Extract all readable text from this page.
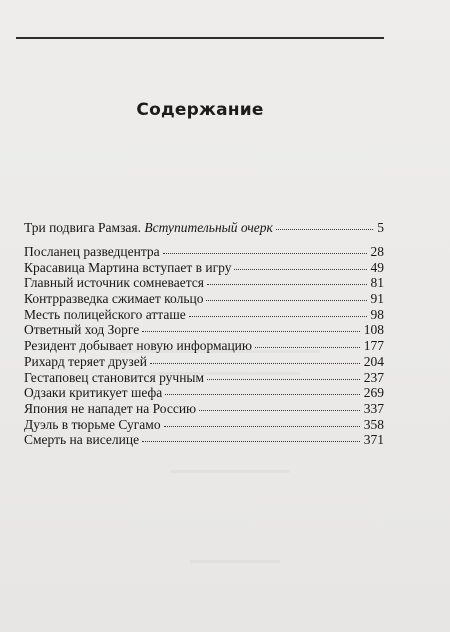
Содержание
Три подвига Рамзая. Вступительный очерк	5
Посланец разведцентра	28
Красавица Мартина вступает в игру	49
Главный источник сомневается	81
Контрразведка сжимает кольцо	91
Месть полицейского атташе	98
Ответный ход Зорге	108
Резидент добывает новую информацию	177
Рихард теряет друзей	204
Гестаповец становится ручным	237
Одзаки критикует шефа	269
Япония не нападет на Россию	337
Дуэль в тюрьме Сугамо	358
Смерть на виселице	371
